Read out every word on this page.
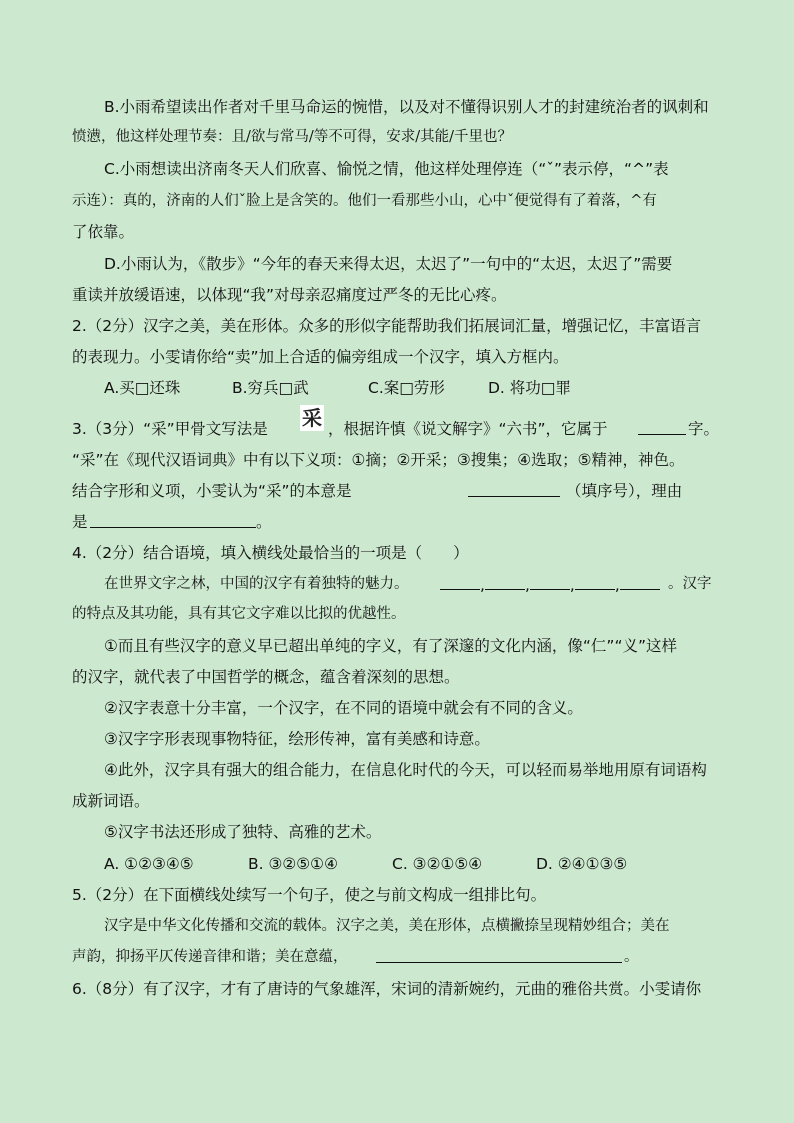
B.小雨希望读出作者对千里马命运的惋惜，以及对不懂得识别人才的封建统治者的讽刺和
愤懑，他这样处理节奏：且/欲与常马/等不可得，安求/其能/千里也？
C.小雨想读出济南冬天人们欣喜、愉悦之情，他这样处理停连（“ˇ”表示停，“^”表
示连）：真的，济南的人们ˇ脸上是含笑的。他们一看那些小山，心中ˇ便觉得有了着落，^有
了依靠。
D.小雨认为，《散步》“今年的春天来得太迟，太迟了”一句中的“太迟，太迟了”需要
重读并放缓语速，以体现“我”对母亲忍痛度过严冬的无比心疼。
2.（2分）汉字之美，美在形体。众多的形似字能帮助我们拓展词汇量，增强记忆，丰富语言
的表现力。小雯请你给“卖”加上合适的偏旁组成一个汉字，填入方框内。
A.买□还珠	B.穷兵□武	C.案□劳形	D. 将功□罪
3.（3分）“采”甲骨文写法是 采 ，根据许慎《说文解字》“六书”，它属于	字。
“采”在《现代汉语词典》中有以下义项：①摘；②开采；③搜集；④选取；⑤精神，神色。
结合字形和义项，小雯认为“采”的本意是	（填序号），理由
是	。
4.（2分）结合语境，填入横线处最恰当的一项是（　　）
在世界文字之林，中国的汉字有着独特的魅力。	,	,	,	,	。汉字
的特点及其功能，具有其它文字难以比拟的优越性。
①而且有些汉字的意义早已超出单纯的字义，有了深邃的文化内涵，像“仁”“义”这样
的汉字，就代表了中国哲学的概念，蕴含着深刻的思想。
②汉字表意十分丰富，一个汉字，在不同的语境中就会有不同的含义。
③汉字字形表现事物特征，绘形传神，富有美感和诗意。
④此外，汉字具有强大的组合能力，在信息化时代的今天，可以轻而易举地用原有词语构
成新词语。
⑤汉字书法还形成了独特、高雅的艺术。
A. ①②③④⑤	B. ③②⑤①④	C. ③②①⑤④	D. ②④①③⑤
5.（2分）在下面横线处续写一个句子，使之与前文构成一组排比句。
汉字是中华文化传播和交流的载体。汉字之美，美在形体，点横撇捺呈现精妙组合；美在
声韵，抑扬平仄传递音律和谐；美在意蕴，	。
6.（8分）有了汉字，才有了唐诗的气象雄浑，宋词的清新婉约，元曲的雅俗共赏。小雯请你
